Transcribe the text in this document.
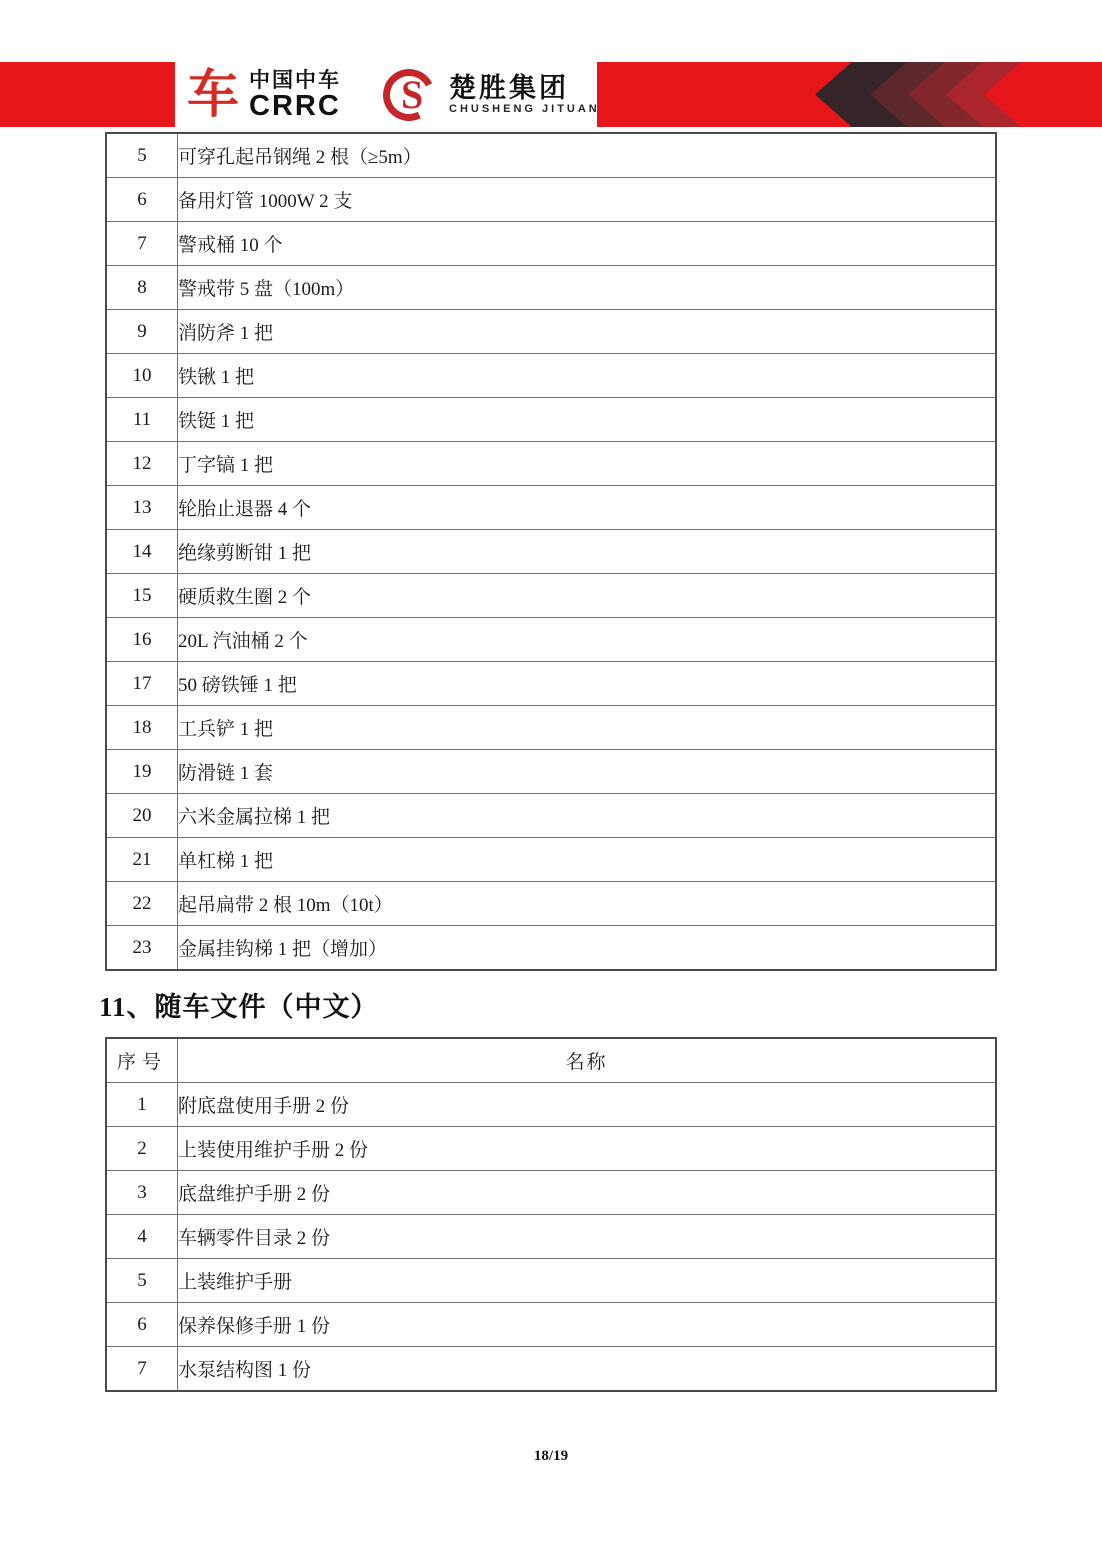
车 中国中车
CRRC S 楚胜集团
CHUSHENG JITUAN
5	可穿孔起吊钢绳 2 根（≥5m）
6	备用灯管 1000W 2 支
7	警戒桶 10 个
8	警戒带 5 盘（100m）
9	消防斧 1 把
10	铁锹 1 把
11	铁铤 1 把
12	丁字镐 1 把
13	轮胎止退器 4 个
14	绝缘剪断钳 1 把
15	硬质救生圈 2 个
16	20L 汽油桶 2 个
17	50 磅铁锤 1 把
18	工兵铲 1 把
19	防滑链 1 套
20	六米金属拉梯 1 把
21	单杠梯 1 把
22	起吊扁带 2 根 10m（10t）
23	金属挂钩梯 1 把（增加）
11、随车文件（中文）
序号	名称
1	附底盘使用手册 2 份
2	上装使用维护手册 2 份
3	底盘维护手册 2 份
4	车辆零件目录 2 份
5	上装维护手册
6	保养保修手册 1 份
7	水泵结构图 1 份
18/19
